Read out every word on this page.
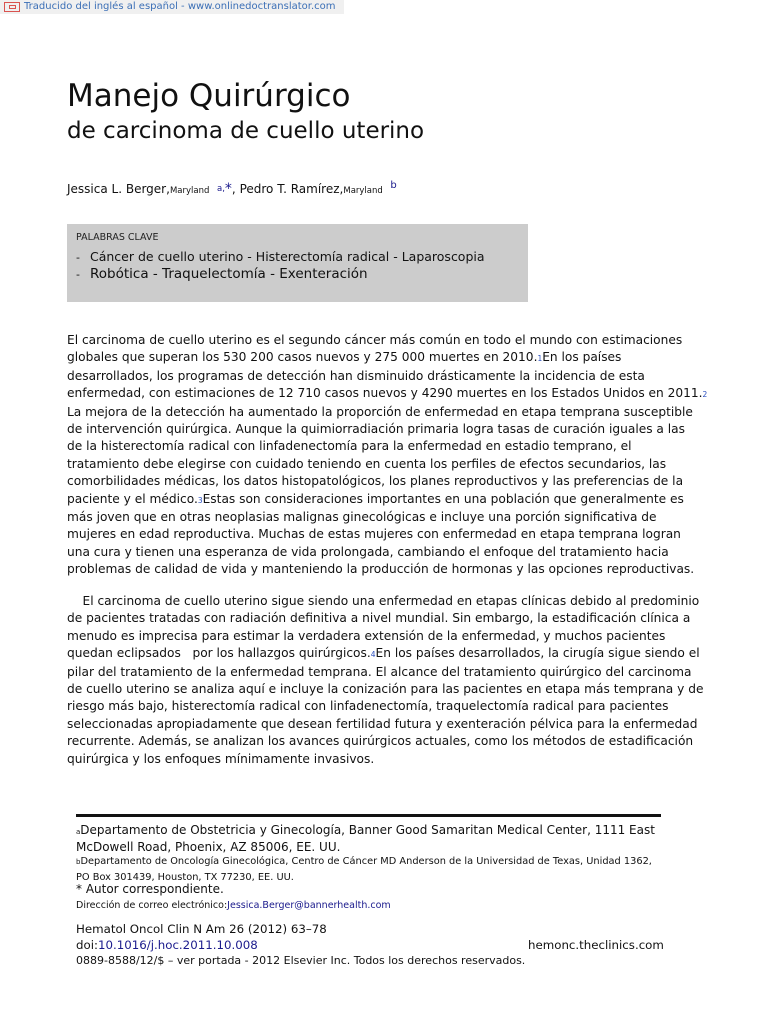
Traducido del inglés al español - www.onlinedoctranslator.com
Manejo Quirúrgico
de carcinoma de cuello uterino
Jessica L. Berger,Maryland a,*, Pedro T. Ramírez,Maryland $^b$
PALABRAS CLAVE
- Cáncer de cuello uterino - Histerectomía radical - Laparoscopia
- Robótica - Traquelectomía - Exenteración
El carcinoma de cuello uterino es el segundo cáncer más común en todo el mundo con estimaciones
globales que superan los 530 200 casos nuevos y 275 000 muertes en 2010.1En los países
desarrollados, los programas de detección han disminuido drásticamente la incidencia de esta
enfermedad, con estimaciones de 12 710 casos nuevos y 4290 muertes en los Estados Unidos en 2011.2
La mejora de la detección ha aumentado la proporción de enfermedad en etapa temprana susceptible
de intervención quirúrgica. Aunque la quimiorradiación primaria logra tasas de curación iguales a las
de la histerectomía radical con linfadenectomía para la enfermedad en estadio temprano, el
tratamiento debe elegirse con cuidado teniendo en cuenta los perfiles de efectos secundarios, las
comorbilidades médicas, los datos histopatológicos, los planes reproductivos y las preferencias de la
paciente y el médico.3Estas son consideraciones importantes en una población que generalmente es
más joven que en otras neoplasias malignas ginecológicas e incluye una porción significativa de
mujeres en edad reproductiva. Muchas de estas mujeres con enfermedad en etapa temprana logran
una cura y tienen una esperanza de vida prolongada, cambiando el enfoque del tratamiento hacia
problemas de calidad de vida y manteniendo la producción de hormonas y las opciones reproductivas.
El carcinoma de cuello uterino sigue siendo una enfermedad en etapas clínicas debido al predominio
de pacientes tratadas con radiación definitiva a nivel mundial. Sin embargo, la estadificación clínica a
menudo es imprecisa para estimar la verdadera extensión de la enfermedad, y muchos pacientes
quedan eclipsados   por los hallazgos quirúrgicos.4En los países desarrollados, la cirugía sigue siendo el
pilar del tratamiento de la enfermedad temprana. El alcance del tratamiento quirúrgico del carcinoma
de cuello uterino se analiza aquí e incluye la conización para las pacientes en etapa más temprana y de
riesgo más bajo, histerectomía radical con linfadenectomía, traquelectomía radical para pacientes
seleccionadas apropiadamente que desean fertilidad futura y exenteración pélvica para la enfermedad
recurrente. Además, se analizan los avances quirúrgicos actuales, como los métodos de estadificación
quirúrgica y los enfoques mínimamente invasivos.
aDepartamento de Obstetricia y Ginecología, Banner Good Samaritan Medical Center, 1111 East
McDowell Road, Phoenix, AZ 85006, EE. UU.
bDepartamento de Oncología Ginecológica, Centro de Cáncer MD Anderson de la Universidad de Texas, Unidad 1362,
PO Box 301439, Houston, TX 77230, EE. UU.
* Autor correspondiente.
Dirección de correo electrónico:Jessica.Berger@bannerhealth.com
Hematol Oncol Clin N Am 26 (2012) 63–78
doi:10.1016/j.hoc.2011.10.008	hemonc.theclinics.com
0889-8588/12/$ – ver portada - 2012 Elsevier Inc. Todos los derechos reservados.
